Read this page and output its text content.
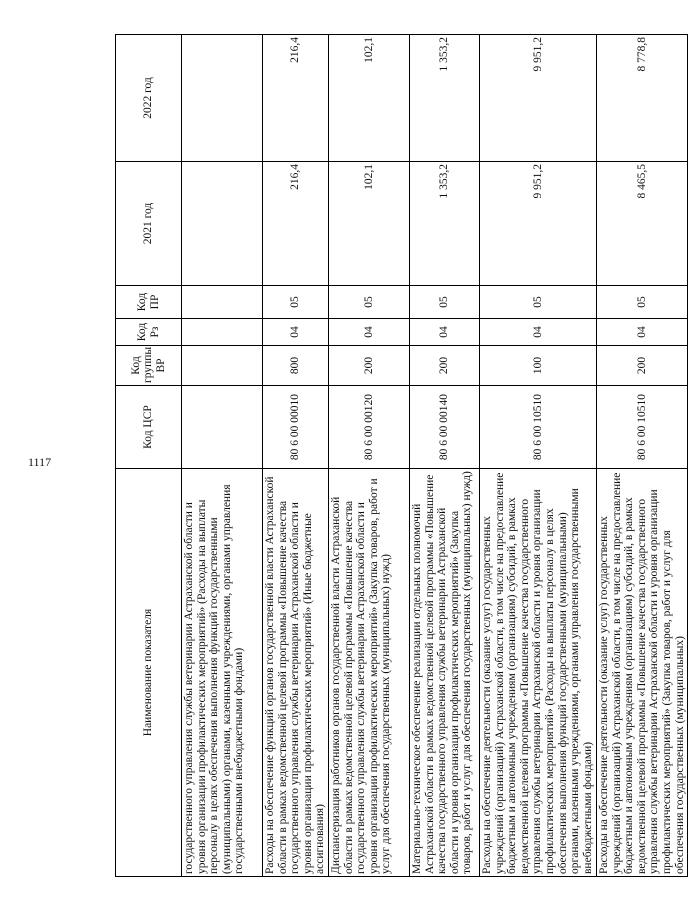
1117
Наименование показателя	Код ЦСР	Код группы ВР	Код Рз	Код ПР	2021 год	2022 год
государственного управления службы ветеринарии Астраханской области и уровня организации профилактических мероприятий» (Расходы на выплаты персоналу в целях обеспечения выполнения функций государственными (муниципальными) органами, казенными учреждениями, органами управления государственными внебюджетными фондами)						
Расходы на обеспечение функций органов государственной власти Астраханской области в рамках ведомственной целевой программы «Повышение качества государственного управления службы ветеринарии Астраханской области и уровня организации профилактических мероприятий» (Иные бюджетные ассигнования)	80 6 00 00010	800	04	05	216,4	216,4
Диспансеризация работников органов государственной власти Астраханской области в рамках ведомственной целевой программы «Повышение качества государственного управления службы ветеринарии Астраханской области и уровня организации профилактических мероприятий» (Закупка товаров, работ и услуг для обеспечения государственных (муниципальных) нужд)	80 6 00 00120	200	04	05	102,1	102,1
Материально-техническое обеспечение реализации отдельных полномочий Астраханской области в рамках ведомственной целевой программы «Повышение качества государственного управления службы ветеринарии Астраханской области и уровня организации профилактических мероприятий» (Закупка товаров, работ и услуг для обеспечения государственных (муниципальных) нужд)	80 6 00 00140	200	04	05	1 353,2	1 353,2
Расходы на обеспечение деятельности (оказание услуг) государственных учреждений (организаций) Астраханской области, в том числе на предоставление бюджетным и автономным учреждениям (организациям) субсидий, в рамках ведомственной целевой программы «Повышение качества государственного управления службы ветеринарии Астраханской области и уровня организации профилактических мероприятий» (Расходы на выплаты персоналу в целях обеспечения выполнения функций государственными (муниципальными) органами, казенными учреждениями, органами управления государственными внебюджетными фондами)	80 6 00 10510	100	04	05	9 951,2	9 951,2
Расходы на обеспечение деятельности (оказание услуг) государственных учреждений (организаций) Астраханской области, в том числе на предоставление бюджетным и автономным учреждениям (организациям) субсидий, в рамках ведомственной целевой программы «Повышение качества государственного управления службы ветеринарии Астраханской области и уровня организации профилактических мероприятий» (Закупка товаров, работ и услуг для обеспечения государственных (муниципальных)	80 6 00 10510	200	04	05	8 465,5	8 778,8
